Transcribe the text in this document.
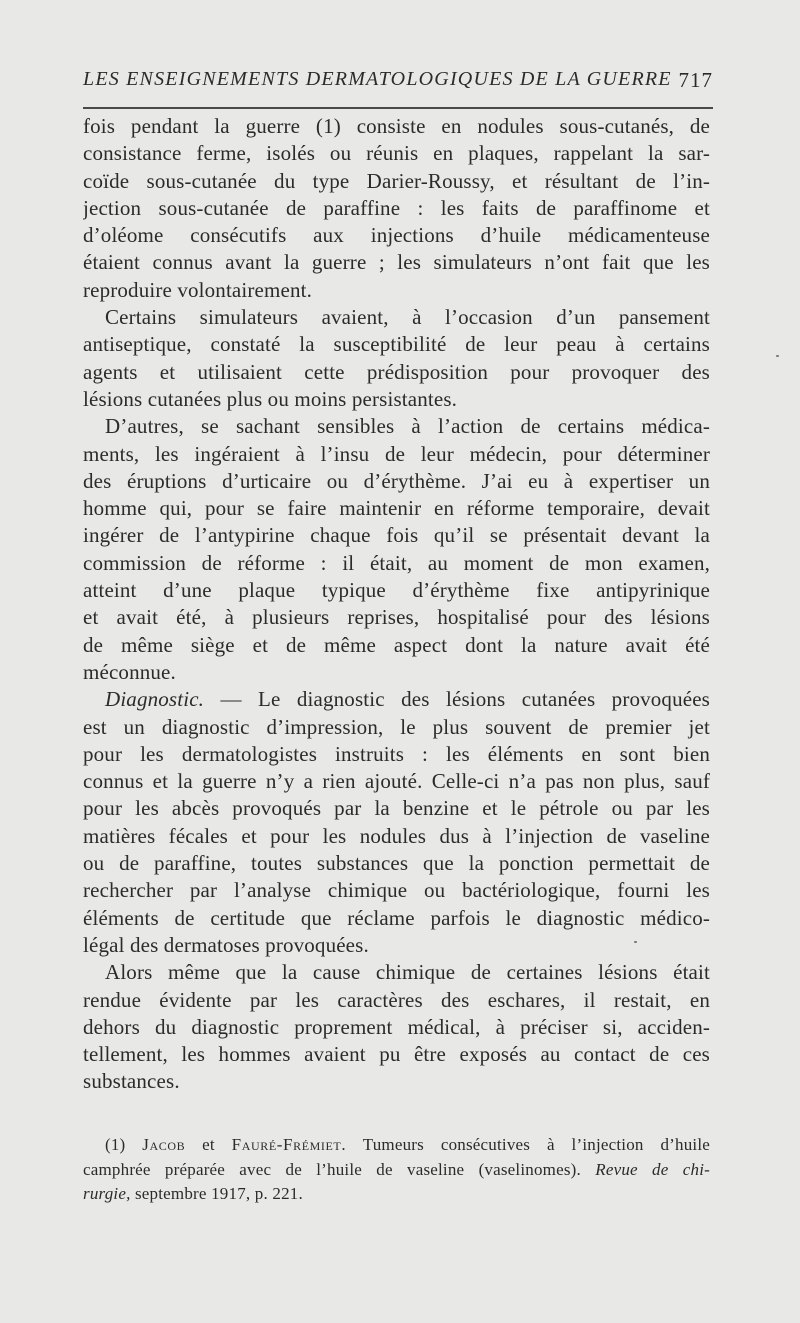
LES ENSEIGNEMENTS DERMATOLOGIQUES DE LA GUERRE 717
fois pendant la guerre (1) consiste en nodules sous-cutanés, de
consistance ferme, isolés ou réunis en plaques, rappelant la sar-
coïde sous-cutanée du type Darier-Roussy, et résultant de l’in-
jection sous-cutanée de paraffine : les faits de paraffinome et
d’oléome consécutifs aux injections d’huile médicamenteuse
étaient connus avant la guerre ; les simulateurs n’ont fait que les
reproduire volontairement.
Certains simulateurs avaient, à l’occasion d’un pansement
antiseptique, constaté la susceptibilité de leur peau à certains
agents et utilisaient cette prédisposition pour provoquer des
lésions cutanées plus ou moins persistantes.
D’autres, se sachant sensibles à l’action de certains médica-
ments, les ingéraient à l’insu de leur médecin, pour déterminer
des éruptions d’urticaire ou d’érythème. J’ai eu à expertiser un
homme qui, pour se faire maintenir en réforme temporaire, devait
ingérer de l’antypirine chaque fois qu’il se présentait devant la
commission de réforme : il était, au moment de mon examen,
atteint d’une plaque typique d’érythème fixe antipyrinique
et avait été, à plusieurs reprises, hospitalisé pour des lésions
de même siège et de même aspect dont la nature avait été
méconnue.
Diagnostic. — Le diagnostic des lésions cutanées provoquées
est un diagnostic d’impression, le plus souvent de premier jet
pour les dermatologistes instruits : les éléments en sont bien
connus et la guerre n’y a rien ajouté. Celle-ci n’a pas non plus, sauf
pour les abcès provoqués par la benzine et le pétrole ou par les
matières fécales et pour les nodules dus à l’injection de vaseline
ou de paraffine, toutes substances que la ponction permettait de
rechercher par l’analyse chimique ou bactériologique, fourni les
éléments de certitude que réclame parfois le diagnostic médico-
légal des dermatoses provoquées.
Alors même que la cause chimique de certaines lésions était
rendue évidente par les caractères des eschares, il restait, en
dehors du diagnostic proprement médical, à préciser si, acciden-
tellement, les hommes avaient pu être exposés au contact de ces
substances.
(1) Jacob et Fauré-Frémiet. Tumeurs consécutives à l’injection d’huile
camphrée préparée avec de l’huile de vaseline (vaselinomes). Revue de chi-
rurgie, septembre 1917, p. 221.
